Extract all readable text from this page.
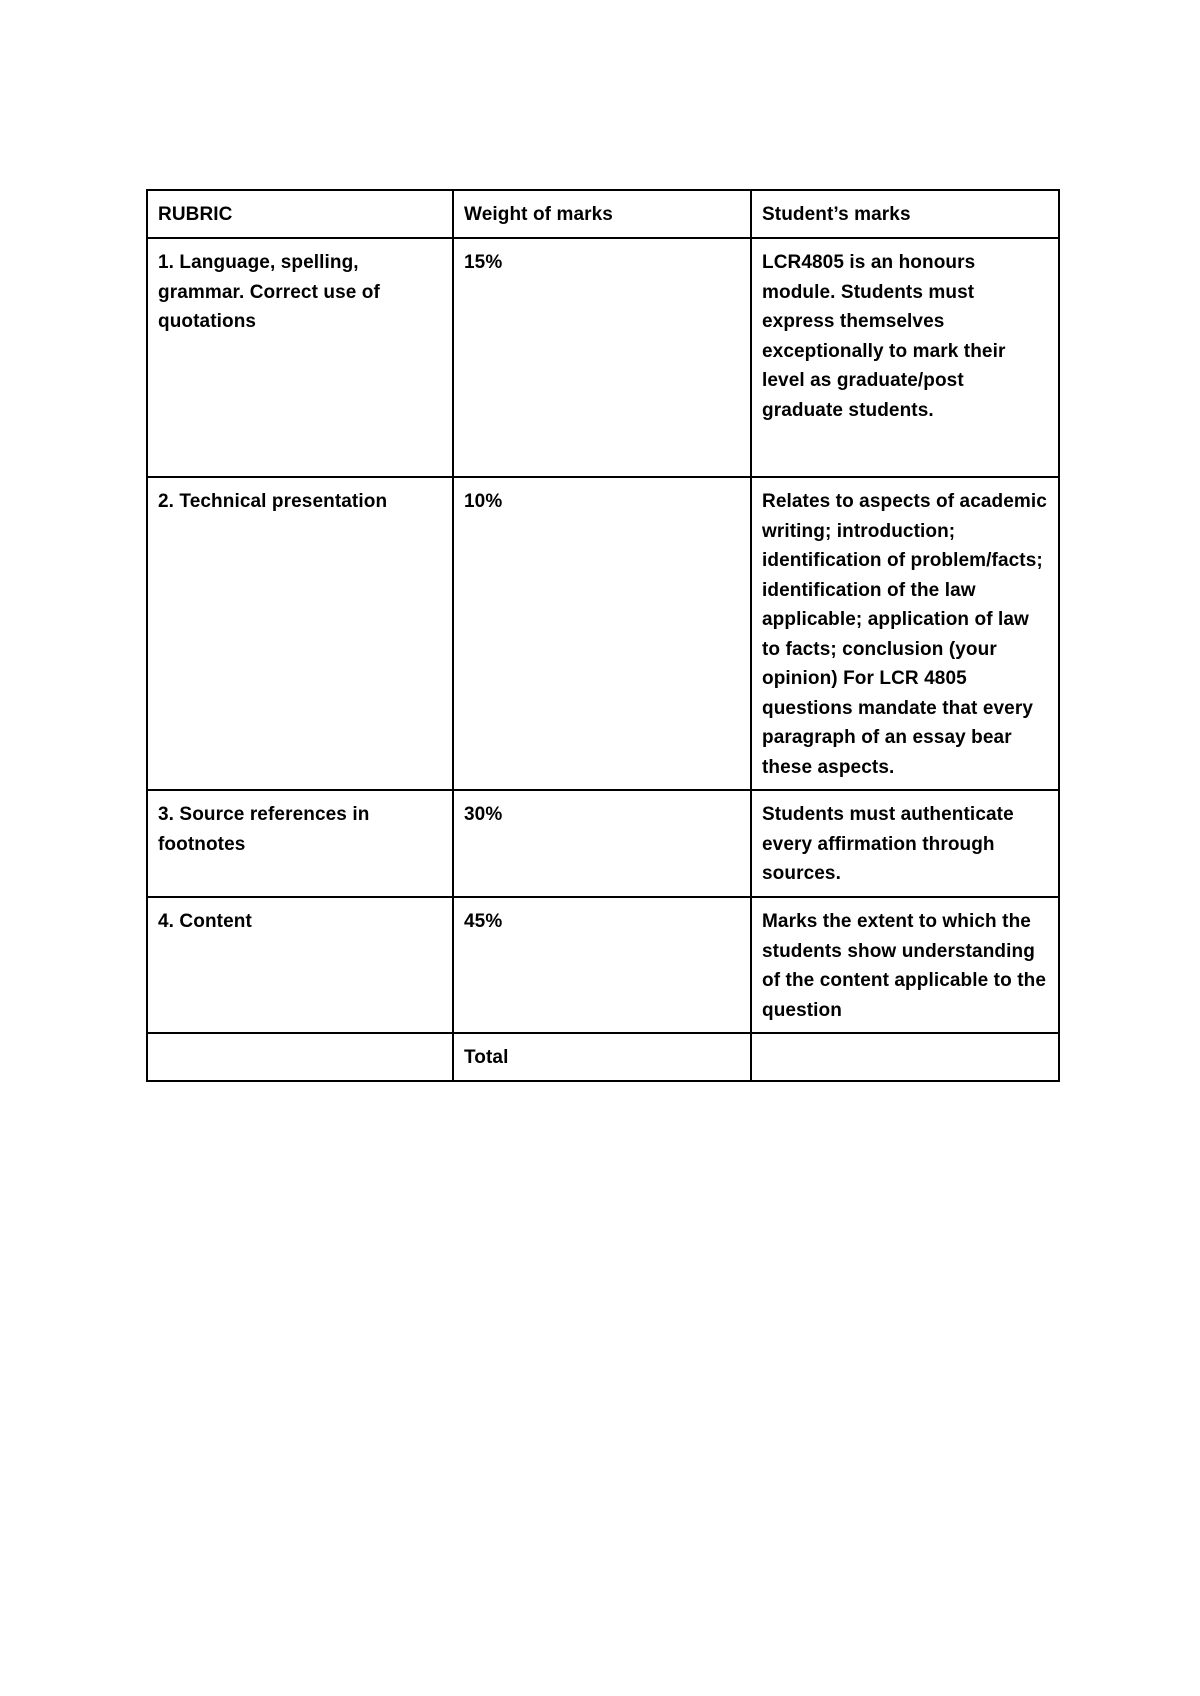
RUBRIC	Weight of marks	Student’s marks
1. Language, spelling, grammar. Correct use of quotations	15%	LCR4805 is an honours module. Students must express themselves exceptionally to mark their level as graduate/post graduate students.
2. Technical presentation	10%	Relates to aspects of academic writing; introduction; identification of problem/facts; identification of the law applicable; application of law to facts; conclusion (your opinion) For LCR 4805 questions mandate that every paragraph of an essay bear these aspects.
3. Source references in footnotes	30%	Students must authenticate every affirmation through sources.
4. Content	45%	Marks the extent to which the students show understanding of the content applicable to the question
	Total	
